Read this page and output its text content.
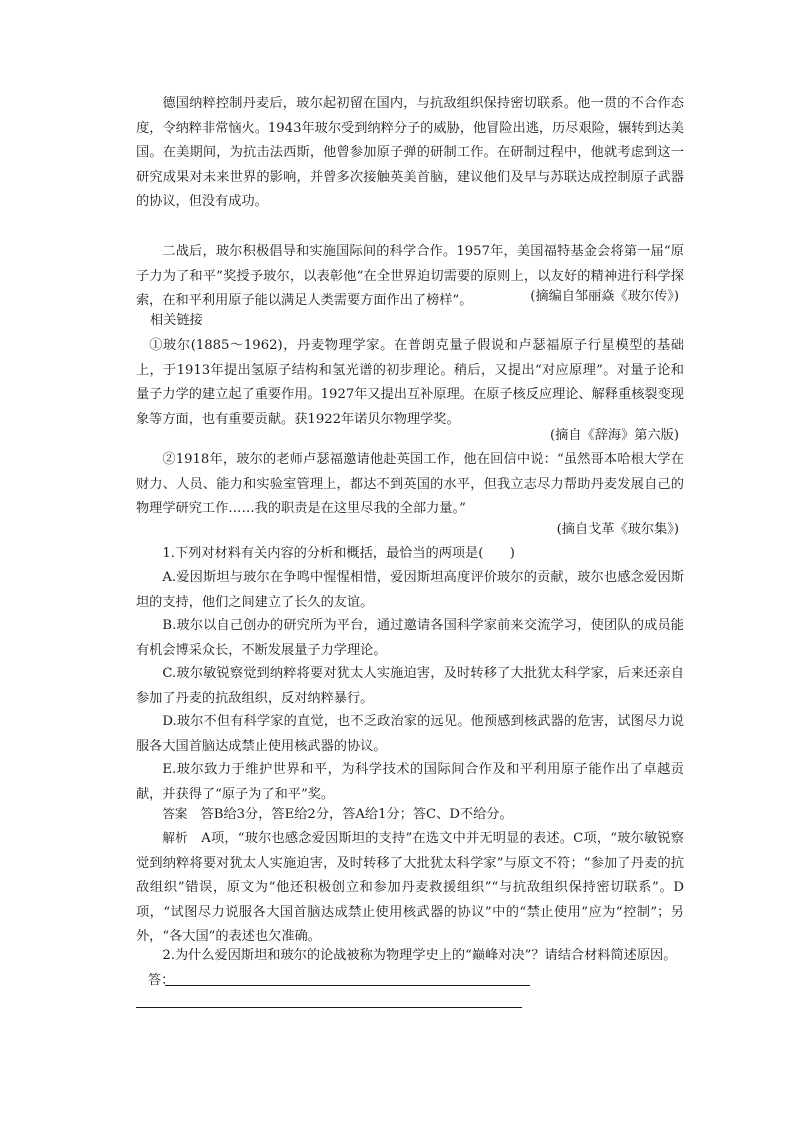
德国纳粹控制丹麦后，玻尔起初留在国内，与抗敌组织保持密切联系。他一贯的不合作态度，令纳粹非常恼火。1943年玻尔受到纳粹分子的威胁，他冒险出逃，历尽艰险，辗转到达美国。在美期间，为抗击法西斯，他曾参加原子弹的研制工作。在研制过程中，他就考虑到这一研究成果对未来世界的影响，并曾多次接触英美首脑，建议他们及早与苏联达成控制原子武器的协议，但没有成功。

二战后，玻尔积极倡导和实施国际间的科学合作。1957年，美国福特基金会将第一届“原子力为了和平”奖授予玻尔，以表彰他“在全世界迫切需要的原则上，以友好的精神进行科学探索，在和平利用原子能以满足人类需要方面作出了榜样”。	(摘编自邹丽焱《玻尔传》)

相关链接

①玻尔(1885～1962)，丹麦物理学家。在普朗克量子假说和卢瑟福原子行星模型的基础上，于1913年提出氢原子结构和氢光谱的初步理论。稍后，又提出“对应原理”。对量子论和量子力学的建立起了重要作用。1927年又提出互补原理。在原子核反应理论、解释重核裂变现象等方面，也有重要贡献。获1922年诺贝尔物理学奖。

(摘自《辞海》第六版)

②1918年，玻尔的老师卢瑟福邀请他赴英国工作，他在回信中说：“虽然哥本哈根大学在财力、人员、能力和实验室管理上，都达不到英国的水平，但我立志尽力帮助丹麦发展自己的物理学研究工作……我的职责是在这里尽我的全部力量。”

(摘自戈革《玻尔集》)

1.下列对材料有关内容的分析和概括，最恰当的两项是(　　)

A.爱因斯坦与玻尔在争鸣中惺惺相惜，爱因斯坦高度评价玻尔的贡献，玻尔也感念爱因斯坦的支持，他们之间建立了长久的友谊。

B.玻尔以自己创办的研究所为平台，通过邀请各国科学家前来交流学习，使团队的成员能有机会博采众长，不断发展量子力学理论。

C.玻尔敏锐察觉到纳粹将要对犹太人实施迫害，及时转移了大批犹太科学家，后来还亲自参加了丹麦的抗敌组织，反对纳粹暴行。

D.玻尔不但有科学家的直觉，也不乏政治家的远见。他预感到核武器的危害，试图尽力说服各大国首脑达成禁止使用核武器的协议。

E.玻尔致力于维护世界和平，为科学技术的国际间合作及和平利用原子能作出了卓越贡献，并获得了“原子为了和平”奖。

答案　 答B给3分，答E给2分，答A给1分；答C、D不给分。

解析　 A项，“玻尔也感念爱因斯坦的支持”在选文中并无明显的表述。C项，“玻尔敏锐察觉到纳粹将要对犹太人实施迫害，及时转移了大批犹太科学家”与原文不符；“参加了丹麦的抗敌组织”错误，原文为“他还积极创立和参加丹麦救援组织”“与抗敌组织保持密切联系”。D项，“试图尽力说服各大国首脑达成禁止使用核武器的协议”中的“禁止使用”应为“控制”；另外，“各大国”的表述也欠准确。

2.为什么爱因斯坦和玻尔的论战被称为物理学史上的“巅峰对决”？请结合材料简述原因。

答：
